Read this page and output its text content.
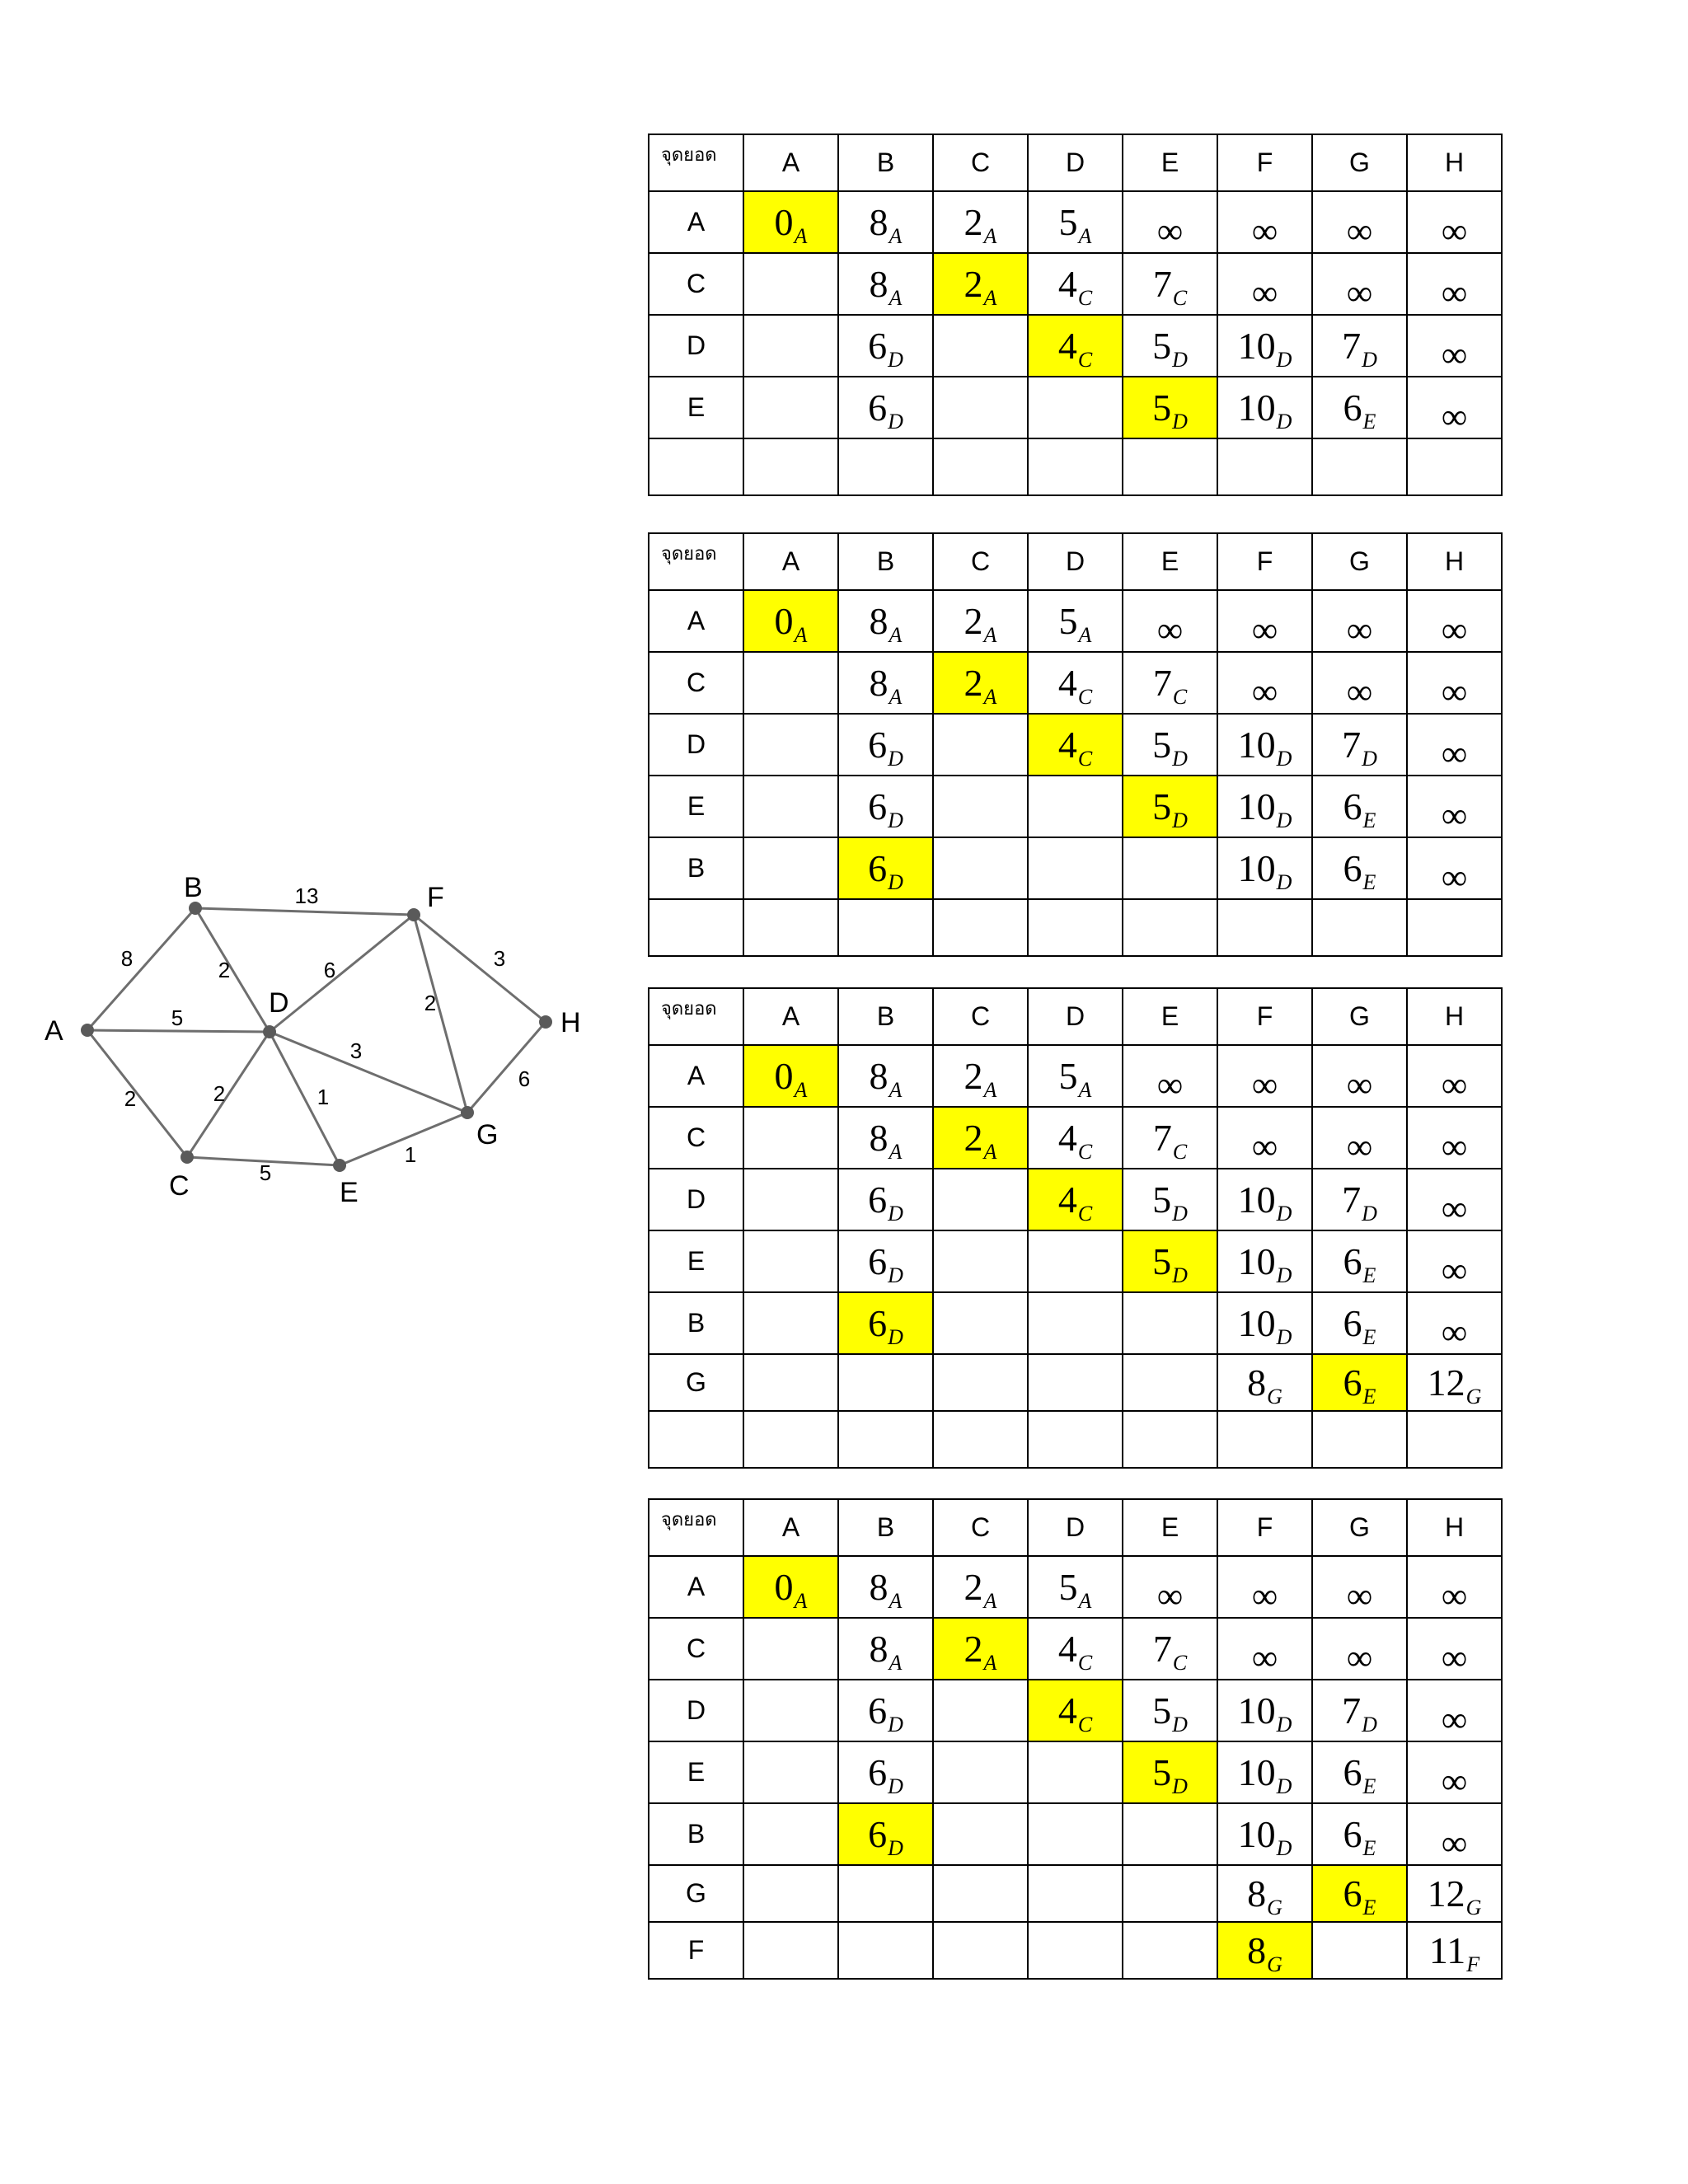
8
5
2
13
2	6
3
2	1
5
1
2
3
6
A
B
C
D
E
F
G
H
จุดยอด	A	B	C	D	E	F	G	H
A	$0_A$	$8_A$	$2_A$	$5_A$	∞	∞	∞	∞
C		$8_A$	$2_A$	$4_C$	$7_C$	∞	∞	∞
D		$6_D$		$4_C$	$5_D$	$10_D$	$7_D$	∞
E		$6_D$			$5_D$	$10_D$	$6_E$	∞

จุดยอด	A	B	C	D	E	F	G	H
A	$0_A$	$8_A$	$2_A$	$5_A$	∞	∞	∞	∞
C		$8_A$	$2_A$	$4_C$	$7_C$	∞	∞	∞
D		$6_D$		$4_C$	$5_D$	$10_D$	$7_D$	∞
E		$6_D$			$5_D$	$10_D$	$6_E$	∞
B		$6_D$				$10_D$	$6_E$	∞

จุดยอด	A	B	C	D	E	F	G	H
A	$0_A$	$8_A$	$2_A$	$5_A$	∞	∞	∞	∞
C		$8_A$	$2_A$	$4_C$	$7_C$	∞	∞	∞
D		$6_D$		$4_C$	$5_D$	$10_D$	$7_D$	∞
E		$6_D$			$5_D$	$10_D$	$6_E$	∞
B		$6_D$				$10_D$	$6_E$	∞
G						$8_G$	$6_E$	$12_G$

จุดยอด	A	B	C	D	E	F	G	H
A	$0_A$	$8_A$	$2_A$	$5_A$	∞	∞	∞	∞
C		$8_A$	$2_A$	$4_C$	$7_C$	∞	∞	∞
D		$6_D$		$4_C$	$5_D$	$10_D$	$7_D$	∞
E		$6_D$			$5_D$	$10_D$	$6_E$	∞
B		$6_D$				$10_D$	$6_E$	∞
G						$8_G$	$6_E$	$12_G$
F						$8_G$		$11_F$
